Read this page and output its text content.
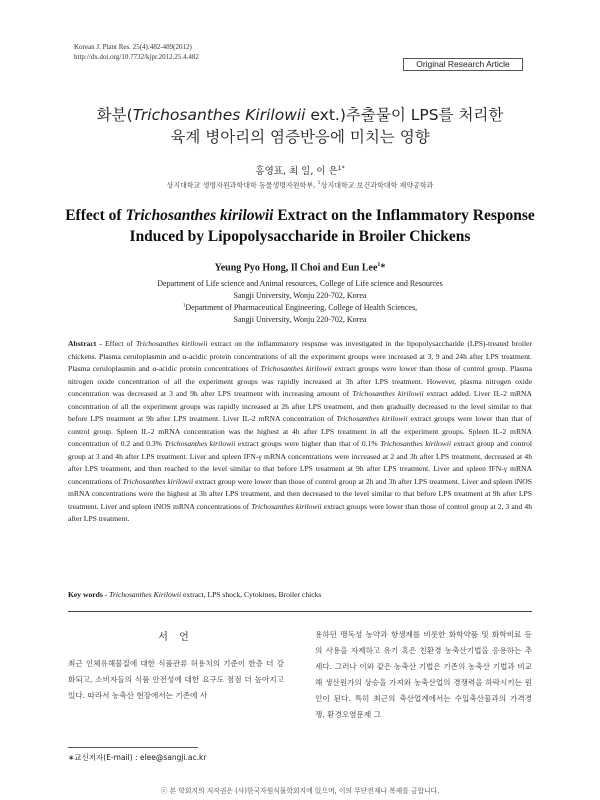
Korean J. Plant Res. 25(4):482-489(2012)
http://dx.doi.org/10.7732/kjpr.2012.25.4.482
Original Research Article
화분(Trichosanthes Kirilowii ext.)추출물이 LPS를 처리한
육계 병아리의 염증반응에 미치는 영향
홍영표, 최 일, 이 은$^{1*}$
상지대학교 생명자원과학대학 동물생명자원학부, $^1$상지대학교 보건과학대학 제약공학과
Effect of Trichosanthes kirilowii Extract on the Inflammatory Response
Induced by Lipopolysaccharide in Broiler Chickens
Yeung Pyo Hong, Il Choi and Eun Lee$^1$*
Department of Life science and Animal resources, College of Life science and Resources
Sangji University, Wonju 220-702, Korea
$^1$Department of Pharmaceutical Engineering, College of Health Sciences,
Sangji University, Wonju 220-702, Korea
Abstract - Effect of Trichosanthes kirilowii extract on the inflammatory respsnse was investigated in the lipopolysaccharide (LPS)-treated broiler chickens. Plasma ceruloplasmin and α-acidic protein concentrations of all the experiment groups were increased at 3, 9 and 24h after LPS treatment. Plasma ceruloplasmin and α-acidic protein concentrations of Trichosanthes kirilowii extract groups were lower than those of control group. Plasma nitrogen oxide concentration of all the experiment groups was rapidly increased at 3h after LPS treatment. However, plasma nitrogen oxide concentration was decreased at 3 and 9h after LPS treatment with increasing amount of Trichosanthes kirilowii extract added. Liver IL-2 mRNA concentration of all the experiment groups was rapidly increased at 2h after LPS treatment, and then gradually decreased to the level similar to that before LPS treatment at 9h after LPS treatment. Liver IL-2 mRNA concentration of Trichosanthes kirilowii extract groups were lower than that of control group. Spleen IL-2 mRNA concentration was the highest at 4h after LPS treatment in all the experiment groups. Spleen IL-2 mRNA concentration of 0.2 and 0.3% Trichosanthes kirilowii extract groups were higher than that of 0.1% Trichosanthes kirilowii extract group and control group at 3 and 4h after LPS treatment. Liver and spleen IFN-γ mRNA concentrations were increased at 2 and 3h after LPS treatment, decreased at 4h after LPS treatment, and then reached to the level similar to that before LPS treatment at 9h after LPS treatment. Liver and spleen IFN-γ mRNA concentrations of Trichosanthes kirilowii extract group were lower than those of control group at 2h and 3h after LPS treatment. Liver and spleen iNOS mRNA concentrations were the highest at 3h after LPS treatment, and then decreased to the level similar to that before LPS treatment at 9h after LPS treatment. Liver and spleen iNOS mRNA concentrations of Trichosanthes kirilowii extract groups were lower than those of control group at 2, 3 and 4h after LPS treatment.
Key words - Trichosanthes Kirilowii extract, LPS shock, Cytokines, Broiler chicks
서 언
최근 인체유해물질에 대한 식품관류 허용치의 기준이 한층 더 강화되고, 소비자들의 식품 안전성에 대한 요구도 점점 더 높아지고 있다. 따라서 농축산 현장에서는 기존에 사
용하던 맹독성 농약과 항생제를 비롯한 화학약품 및 화학비료 등의 사용을 자제하고 유기 혹은 친환경 농축산기법을 응용하는 추세다. 그러나 이와 같은 농축산 기법은 기존의 농축산 기법과 비교해 생산원가의 상승을 가져와 농축산업의 경쟁력을 하락시키는 원인이 된다. 특히 최근의 축산업계에서는 수입축산물과의 가격경쟁, 환경오염문제 그
∗교신저자(E-mail) : elee@sangji.ac.kr
ⓒ 본 학회지의 저작권은 (사)한국자원식물학회지에 있으며, 이의 무단전재나 복제를 금합니다.
